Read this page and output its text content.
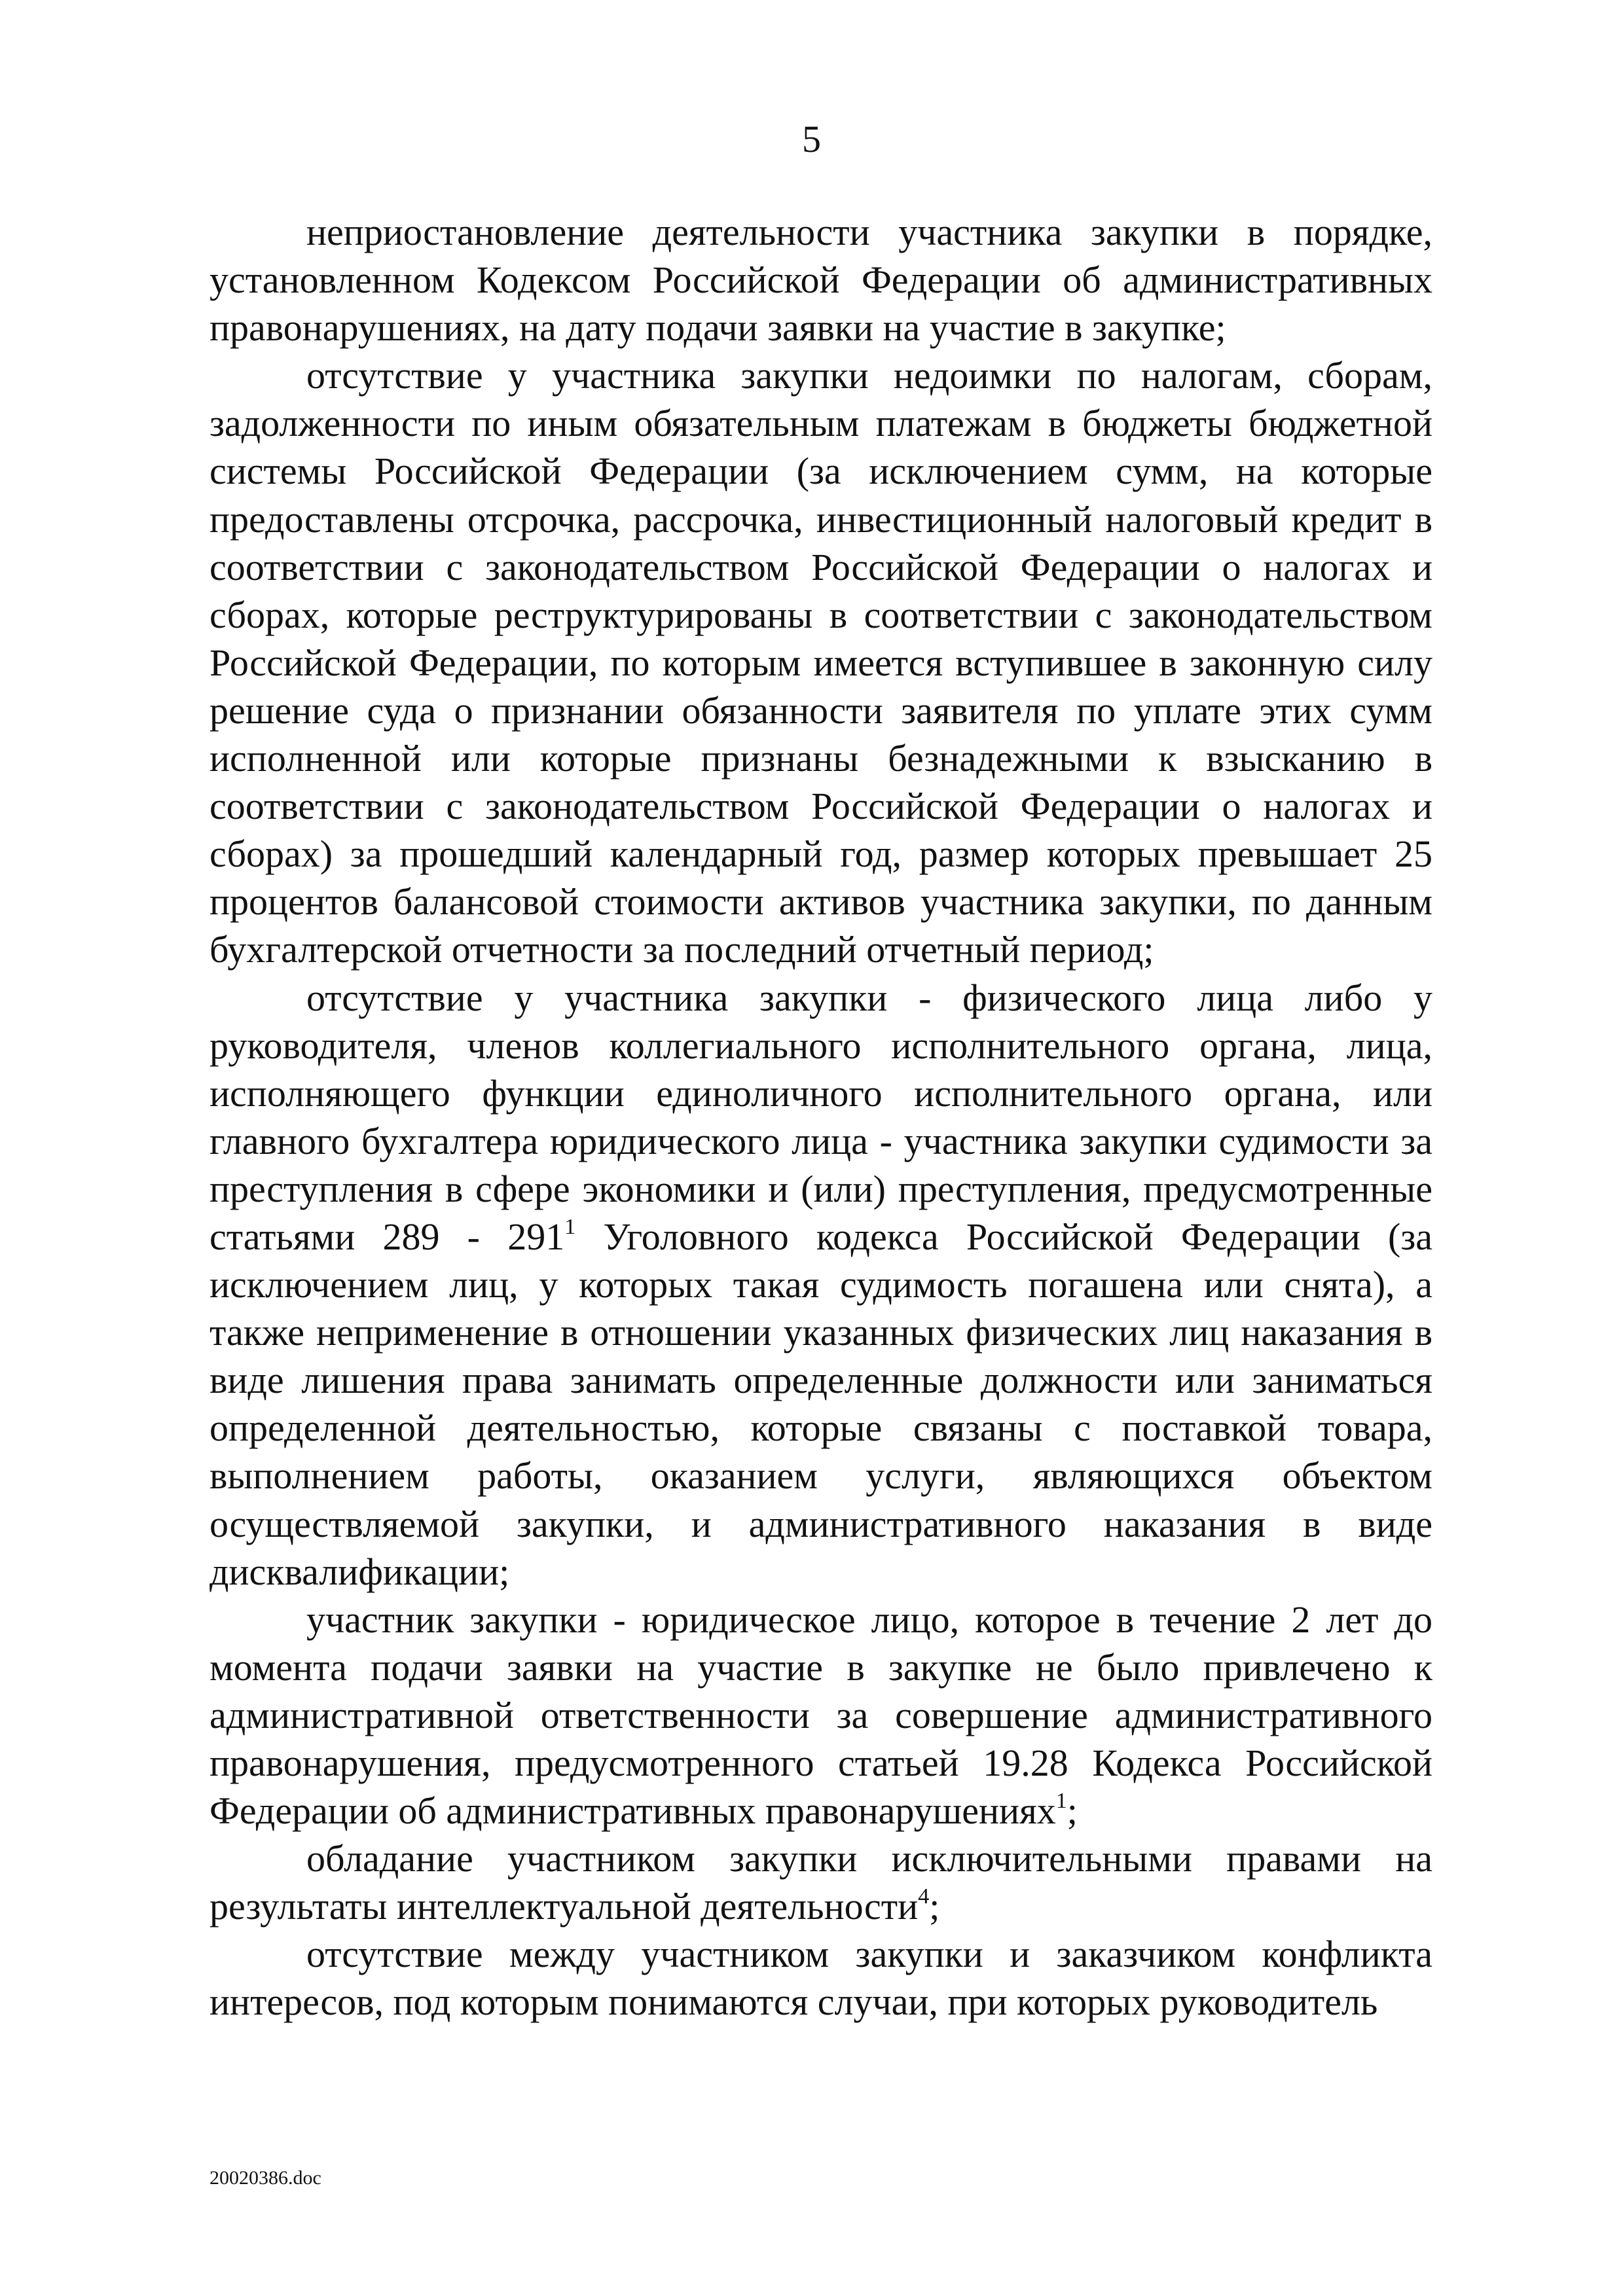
5

неприостановление деятельности участника закупки в порядке, установленном Кодексом Российской Федерации об административных правонарушениях, на дату подачи заявки на участие в закупке;

отсутствие у участника закупки недоимки по налогам, сборам, задолженности по иным обязательным платежам в бюджеты бюджетной системы Российской Федерации (за исключением сумм, на которые предоставлены отсрочка, рассрочка, инвестиционный налоговый кредит в соответствии с законодательством Российской Федерации о налогах и сборах, которые реструктурированы в соответствии с законодательством Российской Федерации, по которым имеется вступившее в законную силу решение суда о признании обязанности заявителя по уплате этих сумм исполненной или которые признаны безнадежными к взысканию в соответствии с законодательством Российской Федерации о налогах и сборах) за прошедший календарный год, размер которых превышает 25 процентов балансовой стоимости активов участника закупки, по данным бухгалтерской отчетности за последний отчетный период;

отсутствие у участника закупки - физического лица либо у руководителя, членов коллегиального исполнительного органа, лица, исполняющего функции единоличного исполнительного органа, или главного бухгалтера юридического лица - участника закупки судимости за преступления в сфере экономики и (или) преступления, предусмотренные статьями $289 - 291^1$ Уголовного кодекса Российской Федерации (за исключением лиц, у которых такая судимость погашена или снята), а также неприменение в отношении указанных физических лиц наказания в виде лишения права занимать определенные должности или заниматься определенной деятельностью, которые связаны с поставкой товара, выполнением работы, оказанием услуги, являющихся объектом осуществляемой закупки, и административного наказания в виде дисквалификации;

участник закупки - юридическое лицо, которое в течение 2 лет до момента подачи заявки на участие в закупке не было привлечено к административной ответственности за совершение административного правонарушения, предусмотренного статьей 19.28 Кодекса Российской Федерации об административных правонарушениях$^1$;

обладание участником закупки исключительными правами на результаты интеллектуальной деятельности$^4$;

отсутствие между участником закупки и заказчиком конфликта интересов, под которым понимаются случаи, при которых руководитель

20020386.doc
